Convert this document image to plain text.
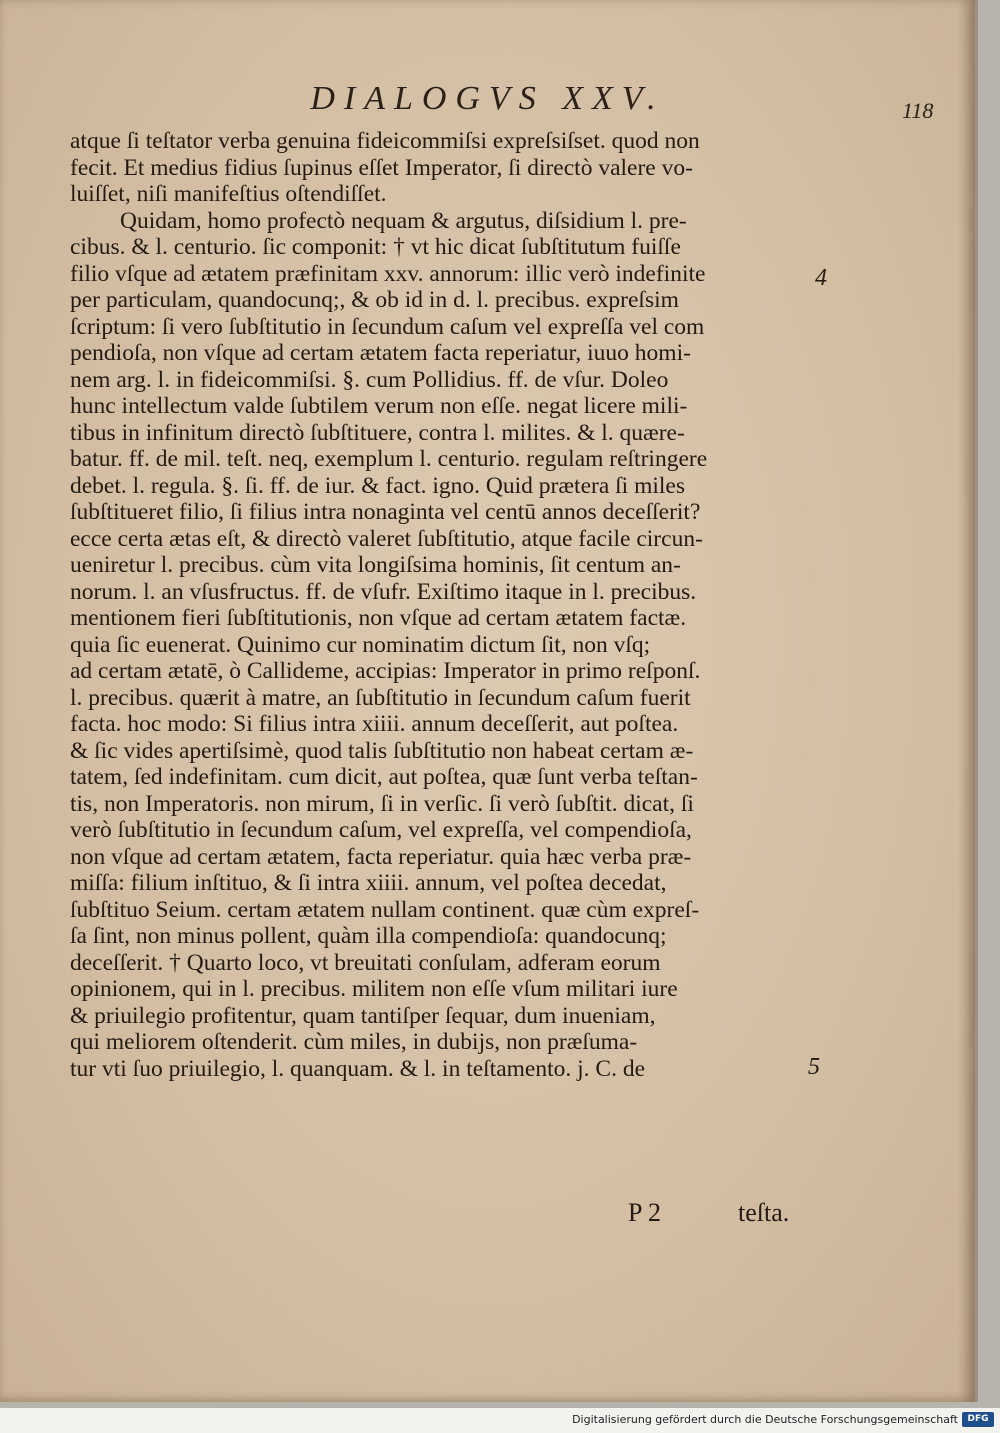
DIALOGVS XXV.	118
atque ſi teſtator verba genuina fideicommiſsi expreſsiſset. quod non
fecit. Et medius fidius ſupinus eſſet Imperator, ſi directò valere vo-
luiſſet, niſi manifeſtius oſtendiſſet.
Quidam, homo profectò nequam & argutus, diſsidium l. pre-
cibus. & l. centurio. ſic componit: † vt hic dicat ſubſtitutum fuiſſe
filio vſque ad ætatem præfinitam xxv. annorum: illic verò indefinite
per particulam, quandocunq;, & ob id in d. l. precibus. expreſsim
ſcriptum: ſi vero ſubſtitutio in ſecundum caſum vel expreſſa vel com
pendioſa, non vſque ad certam ætatem facta reperiatur, iuuo homi-
nem arg. l. in fideicommiſsi. §. cum Pollidius. ff. de vſur. Doleo
hunc intellectum valde ſubtilem verum non eſſe. negat licere mili-
tibus in infinitum directò ſubſtituere, contra l. milites. & l. quære-
batur. ff. de mil. teſt. neq, exemplum l. centurio. regulam reſtringere
debet. l. regula. §. ſi. ff. de iur. & fact. igno. Quid prætera ſi miles
ſubſtitueret filio, ſi filius intra nonaginta vel centū annos deceſſerit?
ecce certa ætas eſt, & directò valeret ſubſtitutio, atque facile circun-
ueniretur l. precibus. cùm vita longiſsima hominis, ſit centum an-
norum. l. an vſusfructus. ff. de vſufr. Exiſtimo itaque in l. precibus.
mentionem fieri ſubſtitutionis, non vſque ad certam ætatem factæ.
quia ſic euenerat. Quinimo cur nominatim dictum ſit, non vſq;
ad certam ætatē, ò Callideme, accipias: Imperator in primo reſponſ.
l. precibus. quærit à matre, an ſubſtitutio in ſecundum caſum fuerit
facta. hoc modo: Si filius intra xiiii. annum deceſſerit, aut poſtea.
& ſic vides apertiſsimè, quod talis ſubſtitutio non habeat certam æ-
tatem, ſed indefinitam. cum dicit, aut poſtea, quæ ſunt verba teſtan-
tis, non Imperatoris. non mirum, ſi in verſic. ſi verò ſubſtit. dicat, ſi
verò ſubſtitutio in ſecundum caſum, vel expreſſa, vel compendioſa,
non vſque ad certam ætatem, facta reperiatur. quia hæc verba præ-
miſſa: filium inſtituo, & ſi intra xiiii. annum, vel poſtea decedat,
ſubſtituo Seium. certam ætatem nullam continent. quæ cùm expreſ-
ſa ſint, non minus pollent, quàm illa compendioſa: quandocunq;
deceſſerit. † Quarto loco, vt breuitati conſulam, adferam eorum
opinionem, qui in l. precibus. militem non eſſe vſum militari iure
& priuilegio profitentur, quam tantiſper ſequar, dum inueniam,
qui meliorem oſtenderit. cùm miles, in dubijs, non præſuma-
tur vti ſuo priuilegio, l. quanquam. & l. in teſtamento. j. C. de
4
5
P 2	teſta.
Digitalisierung gefördert durch die Deutsche Forschungsgemeinschaft	DFG
